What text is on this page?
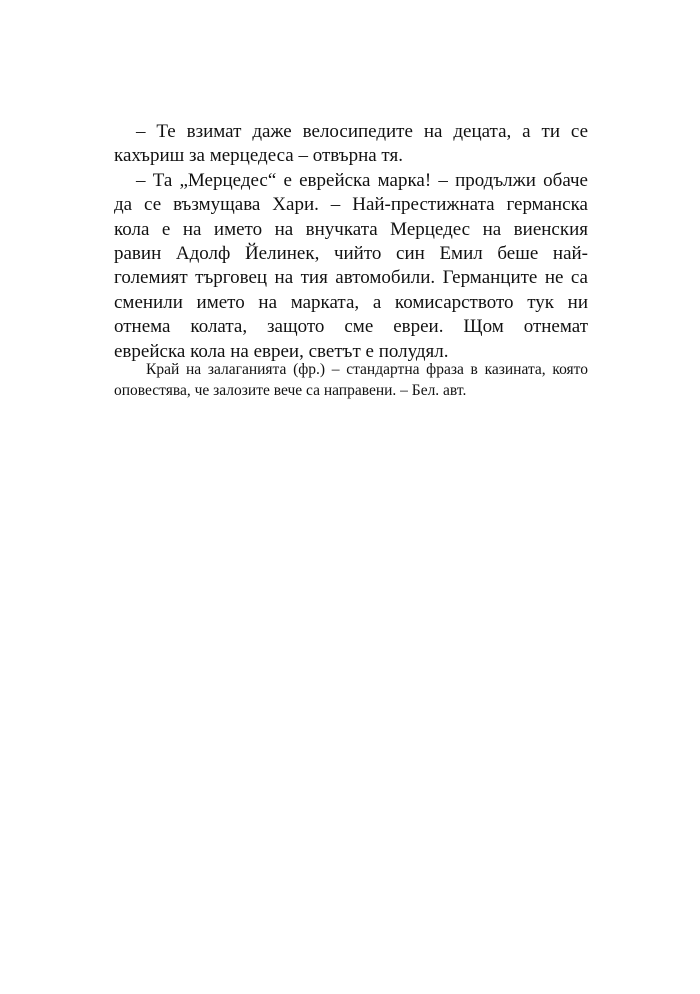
– Те взимат даже велосипедите на децата, а ти се
кахъриш за мерцедеса – отвърна тя.
– Та „Мерцедес“ е еврейска марка! – продължи обаче
да се възмущава Хари. – Най-престижната германска
кола е на името на внучката Мерцедес на виенския
равин Адолф Йелинек, чийто син Емил беше най-
големият търговец на тия автомобили. Германците не са
сменили името на марката, а комисарството тук ни
отнема колата, защото сме евреи. Щом отнемат
еврейска кола на евреи, светът е полудял.
Край на залаганията (фр.) – стандартна фраза в казината, която
оповестява, че залозите вече са направени. – Бел. авт.
